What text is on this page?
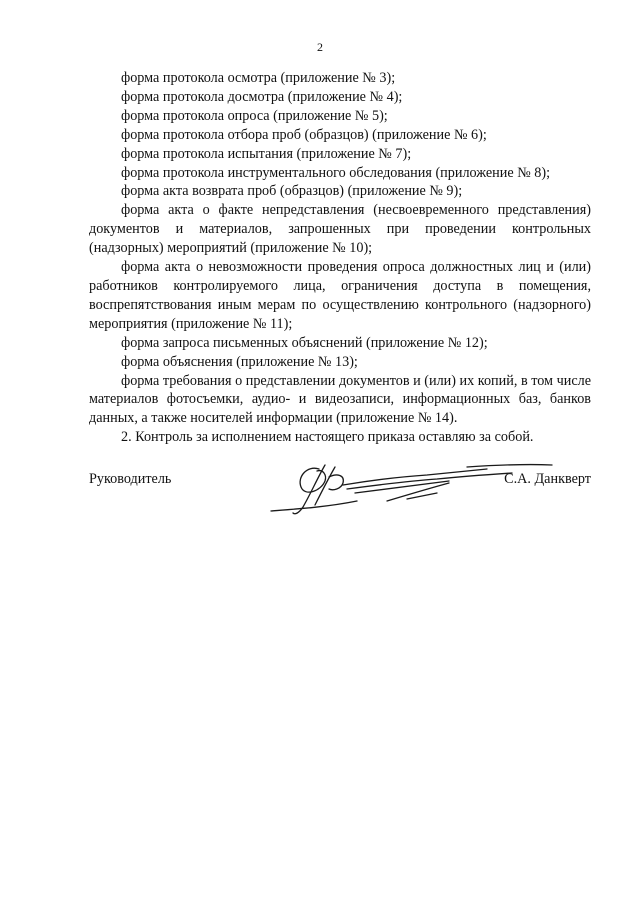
2

форма протокола осмотра (приложение № 3);

форма протокола досмотра (приложение № 4);

форма протокола опроса (приложение № 5);

форма протокола отбора проб (образцов) (приложение № 6);

форма протокола испытания (приложение № 7);

форма протокола инструментального обследования (приложение № 8);

форма акта возврата проб (образцов) (приложение № 9);

форма акта о факте непредставления (несвоевременного представления) документов и материалов, запрошенных при проведении контрольных (надзорных) мероприятий (приложение № 10);

форма акта о невозможности проведения опроса должностных лиц и (или) работников контролируемого лица, ограничения доступа в помещения, воспрепятствования иным мерам по осуществлению контрольного (надзорного) мероприятия (приложение № 11);

форма запроса письменных объяснений (приложение № 12);

форма объяснения (приложение № 13);

форма требования о представлении документов и (или) их копий, в том числе материалов фотосъемки, аудио- и видеозаписи, информационных баз, банков данных, а также носителей информации (приложение № 14).

2. Контроль за исполнением настоящего приказа оставляю за собой.

Руководитель	С.А. Данкверт
